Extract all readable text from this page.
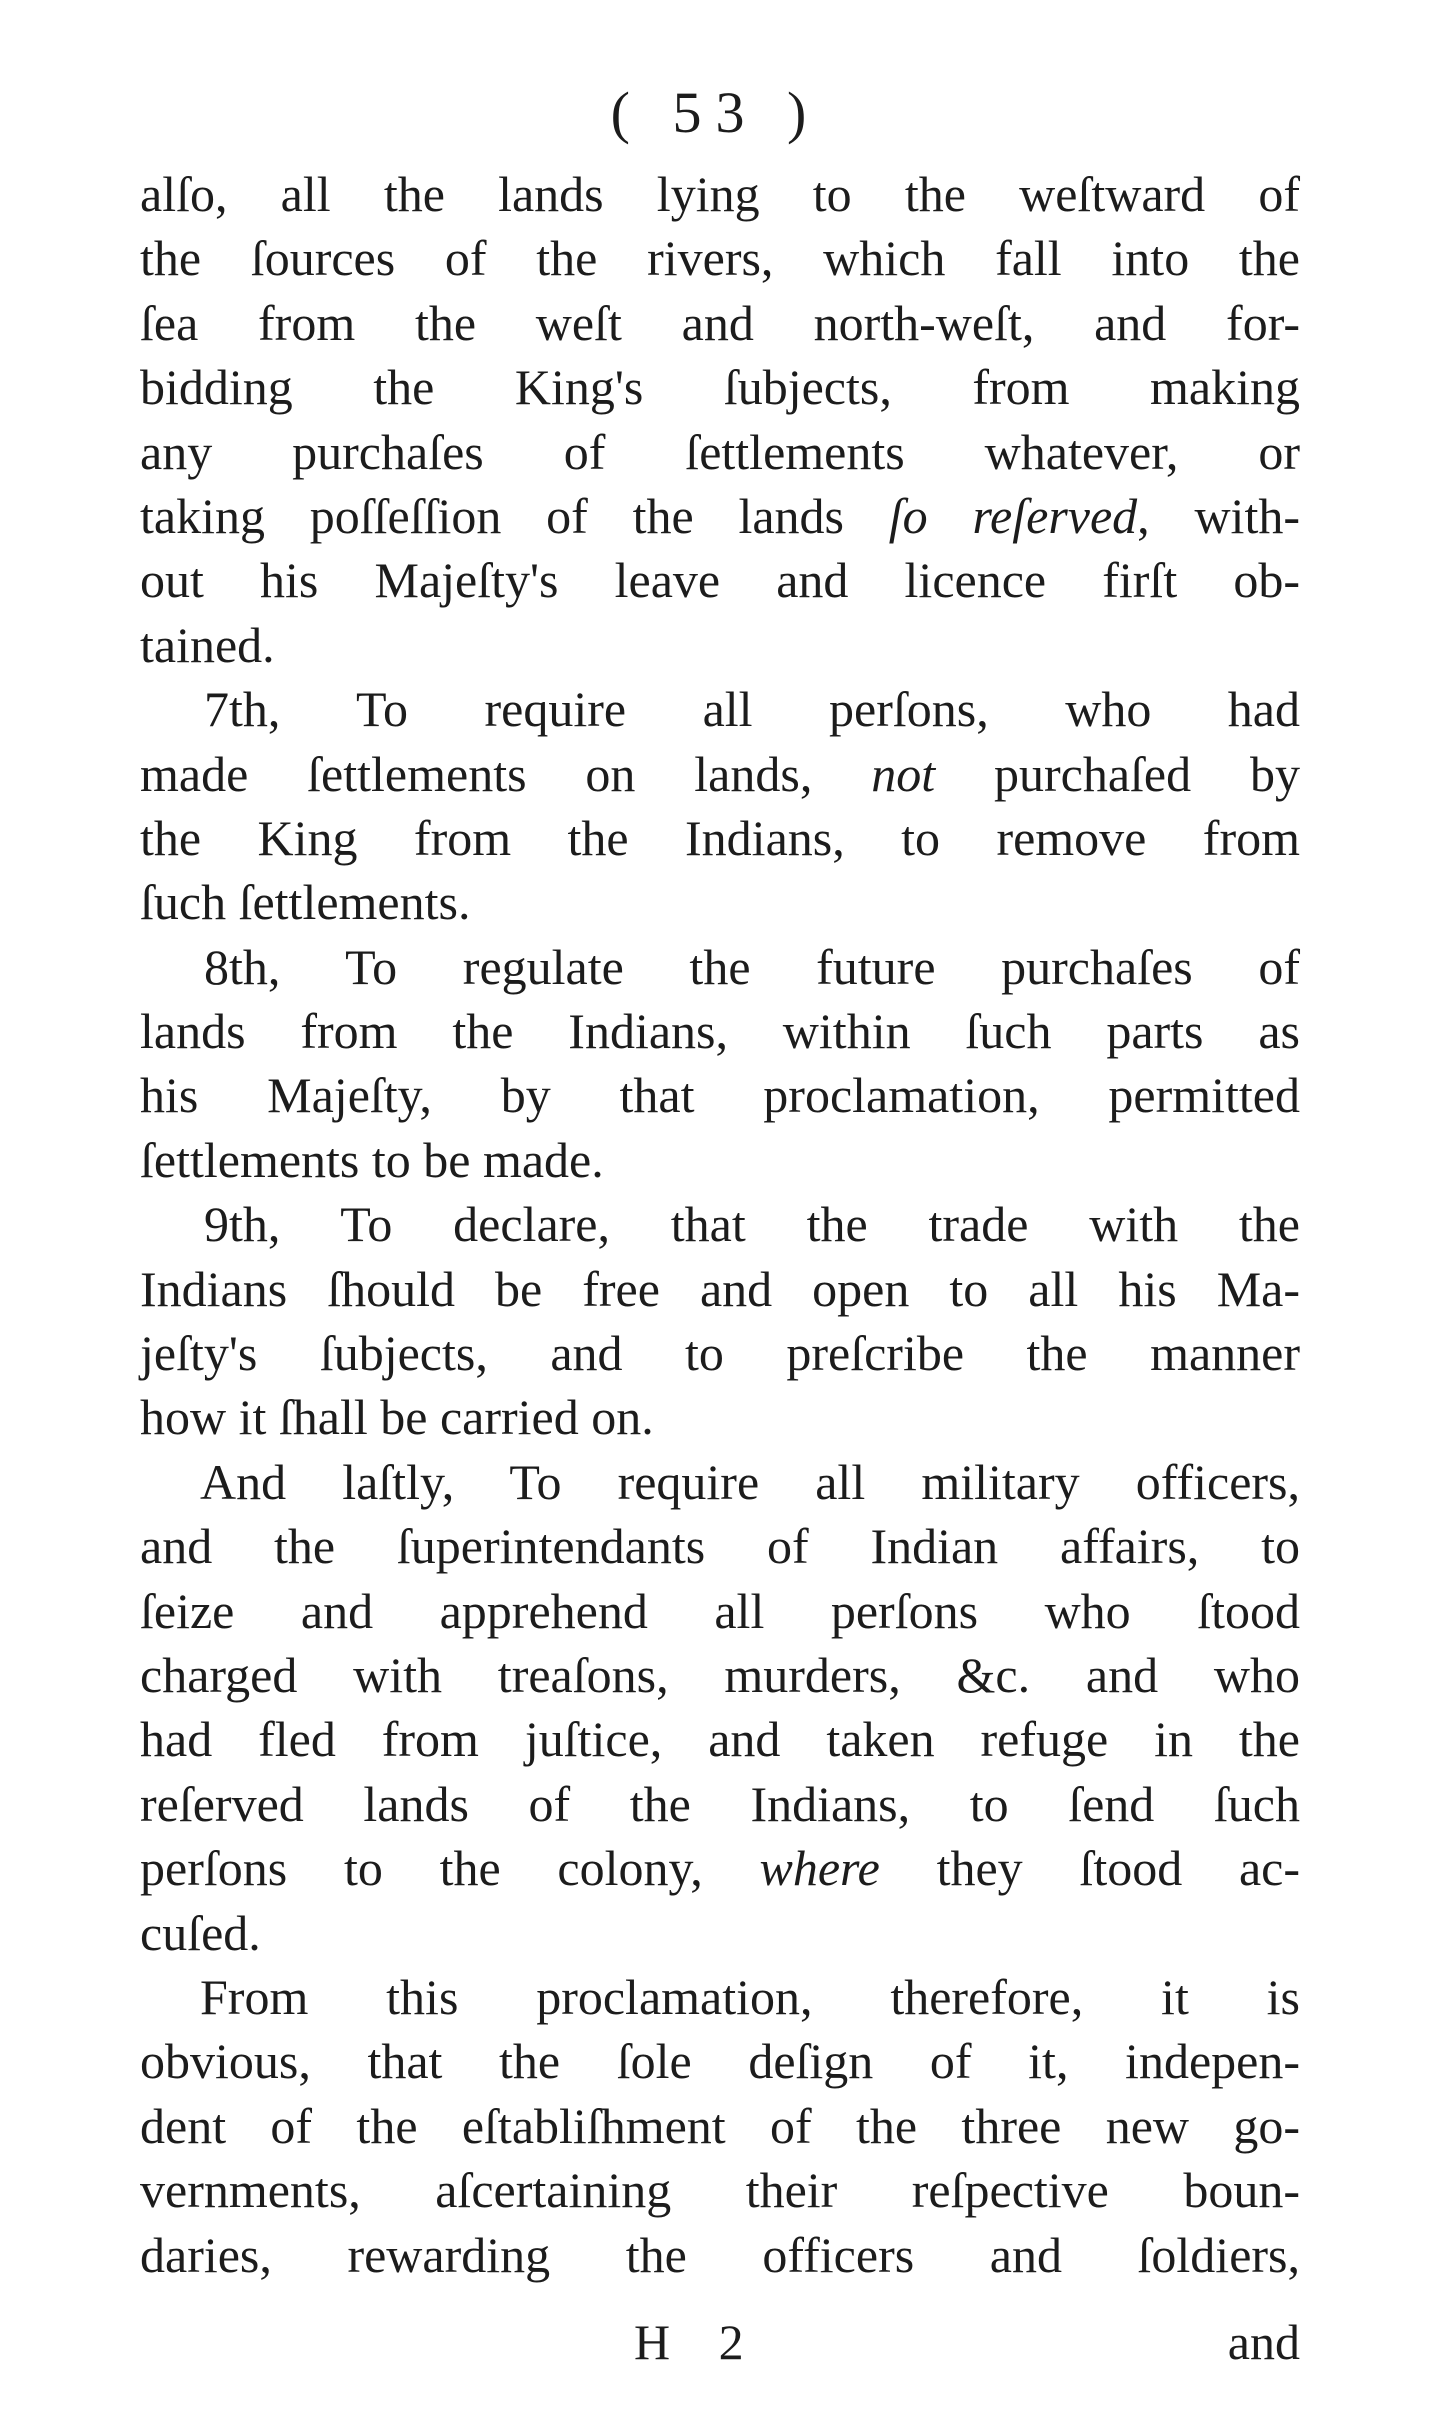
( 53 )
alſo, all the lands lying to the weſtward of
the ſources of the rivers, which fall into the
ſea from the weſt and north-weſt, and for-
bidding the King's ſubjects, from making
any purchaſes of ſettlements whatever, or
taking poſſeſſion of the lands ſo reſerved, with-
out his Majeſty's leave and licence firſt ob-
tained.
7th, To require all perſons, who had
made ſettlements on lands, not purchaſed by
the King from the Indians, to remove from
ſuch ſettlements.
8th, To regulate the future purchaſes of
lands from the Indians, within ſuch parts as
his Majeſty, by that proclamation, permitted
ſettlements to be made.
9th, To declare, that the trade with the
Indians ſhould be free and open to all his Ma-
jeſty's ſubjects, and to preſcribe the manner
how it ſhall be carried on.
And laſtly, To require all military officers,
and the ſuperintendants of Indian affairs, to
ſeize and apprehend all perſons who ſtood
charged with treaſons, murders, &c. and who
had fled from juſtice, and taken refuge in the
reſerved lands of the Indians, to ſend ſuch
perſons to the colony, where they ſtood ac-
cuſed.
From this proclamation, therefore, it is
obvious, that the ſole deſign of it, indepen-
dent of the eſtabliſhment of the three new go-
vernments, aſcertaining their reſpective boun-
daries, rewarding the officers and ſoldiers,
H 2	and
